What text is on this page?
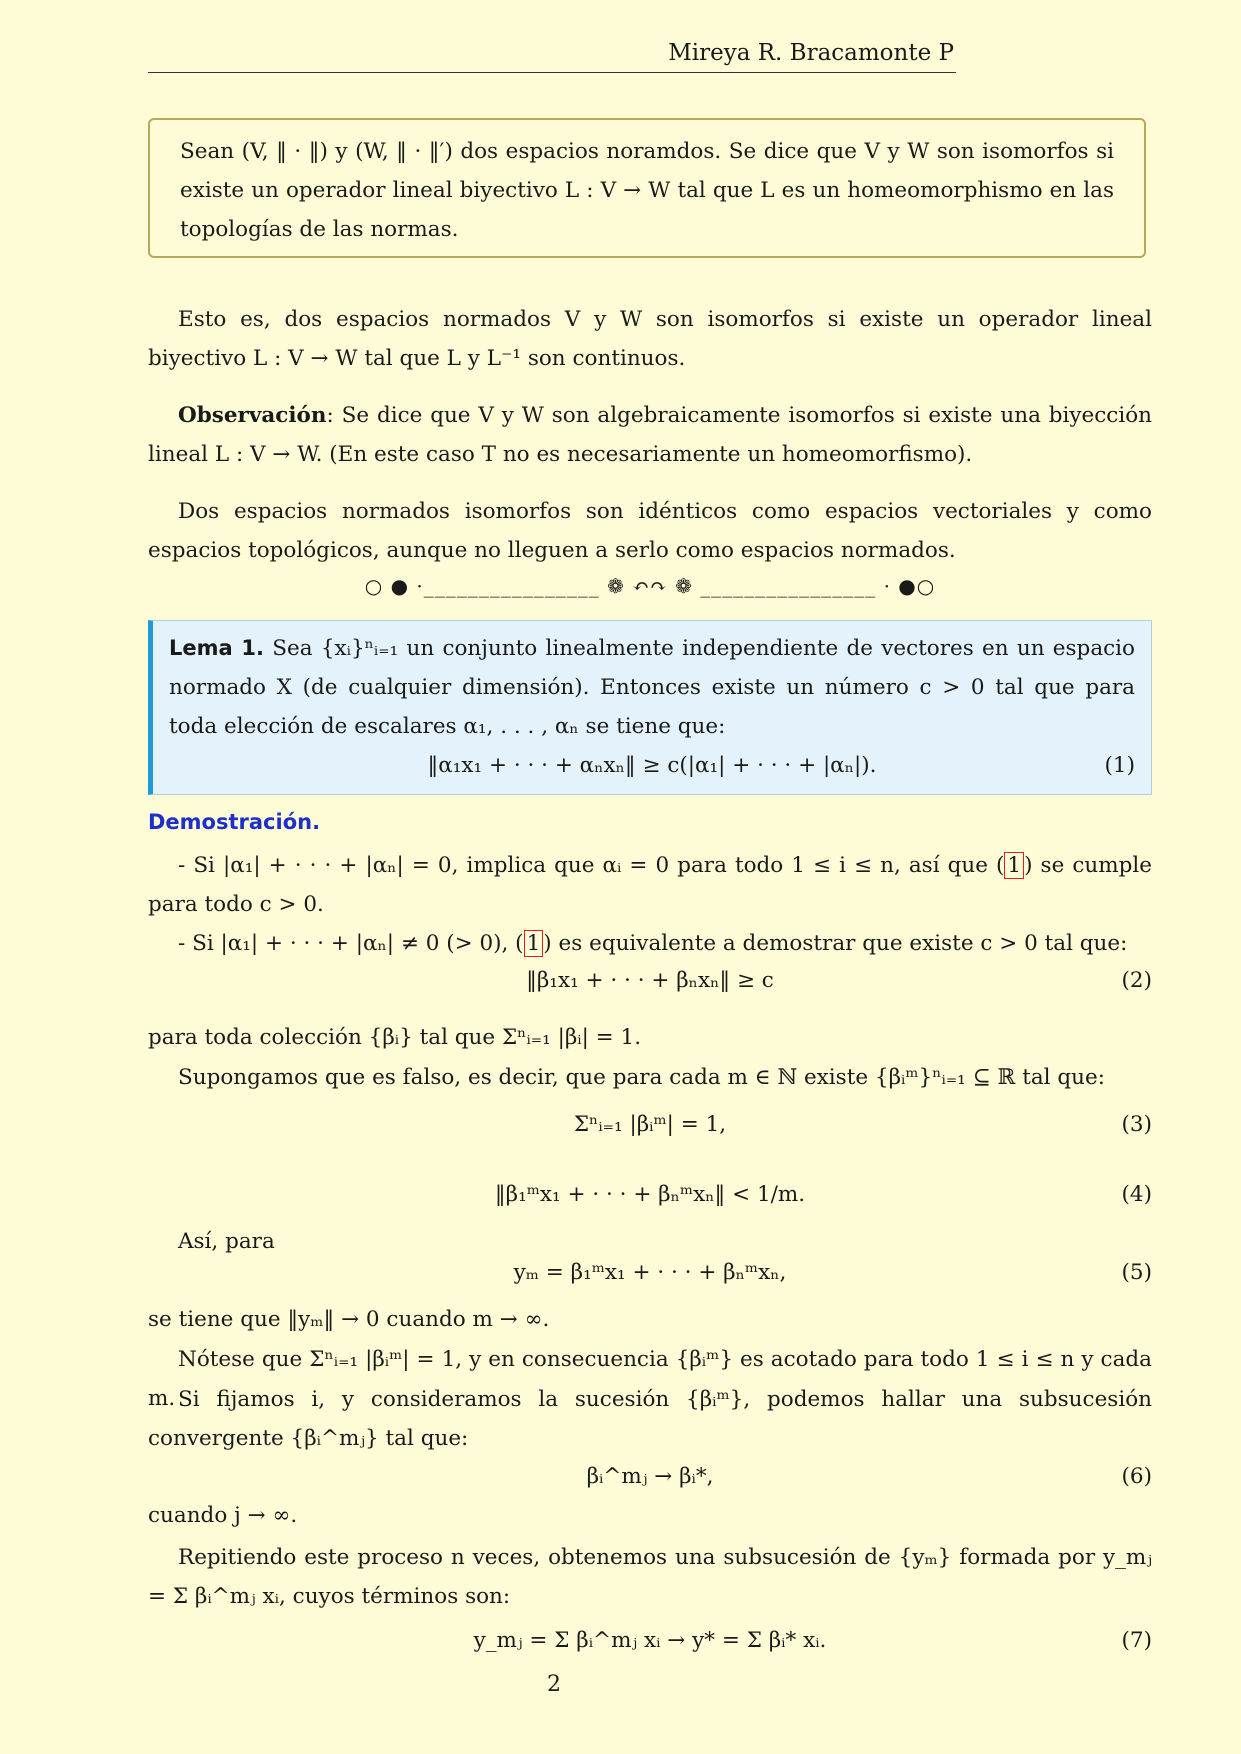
Mireya R. Bracamonte P
Sean (V, ‖ · ‖) y (W, ‖ · ‖′) dos espacios noramdos. Se dice que V y W son isomorfos si existe un operador lineal biyectivo L : V → W tal que L es un homeomorphismo en las topologías de las normas.
Esto es, dos espacios normados V y W son isomorfos si existe un operador lineal biyectivo L : V → W tal que L y L⁻¹ son continuos.
Observación: Se dice que V y W son algebraicamente isomorfos si existe una biyección lineal L : V → W. (En este caso T no es necesariamente un homeomorfismo).
Dos espacios normados isomorfos son idénticos como espacios vectoriales y como espacios topológicos, aunque no lleguen a serlo como espacios normados.
○ ● ·________________ ❁ ↶↷ ❁ ________________ · ●○
Lema 1. Sea {xᵢ}ⁿᵢ₌₁ un conjunto linealmente independiente de vectores en un espacio normado X (de cualquier dimensión). Entonces existe un número c > 0 tal que para toda elección de escalares α₁, . . . , αₙ se tiene que:
‖α₁x₁ + · · · + αₙxₙ‖ ≥ c(|α₁| + · · · + |αₙ|).	(1)
Demostración.
- Si |α₁| + · · · + |αₙ| = 0, implica que αᵢ = 0 para todo 1 ≤ i ≤ n, así que ( 1 ) se cumple para todo c > 0.
- Si |α₁| + · · · + |αₙ| ≠ 0 (> 0), ( 1 ) es equivalente a demostrar que existe c > 0 tal que:
‖β₁x₁ + · · · + βₙxₙ‖ ≥ c	(2)
para toda colección {βᵢ} tal que Σⁿᵢ₌₁ |βᵢ| = 1.
Supongamos que es falso, es decir, que para cada m ∈ ℕ existe {βᵢᵐ}ⁿᵢ₌₁ ⊆ ℝ tal que:
Σⁿᵢ₌₁ |βᵢᵐ| = 1,	(3)
‖β₁ᵐx₁ + · · · + βₙᵐxₙ‖ < 1/m.	(4)
Así, para
yₘ = β₁ᵐx₁ + · · · + βₙᵐxₙ,	(5)
se tiene que ‖yₘ‖ → 0 cuando m → ∞.
Nótese que Σⁿᵢ₌₁ |βᵢᵐ| = 1, y en consecuencia {βᵢᵐ} es acotado para todo 1 ≤ i ≤ n y cada m. Si fijamos i, y consideramos la sucesión {βᵢᵐ}, podemos hallar una subsucesión convergente {βᵢ^mⱼ} tal que:
βᵢ^mⱼ → βᵢ*,	(6)
cuando j → ∞.
Repitiendo este proceso n veces, obtenemos una subsucesión de {yₘ} formada por y_mⱼ = Σ βᵢ^mⱼ xᵢ, cuyos términos son:
y_mⱼ = Σ βᵢ^mⱼ xᵢ → y* = Σ βᵢ* xᵢ.	(7)
2
